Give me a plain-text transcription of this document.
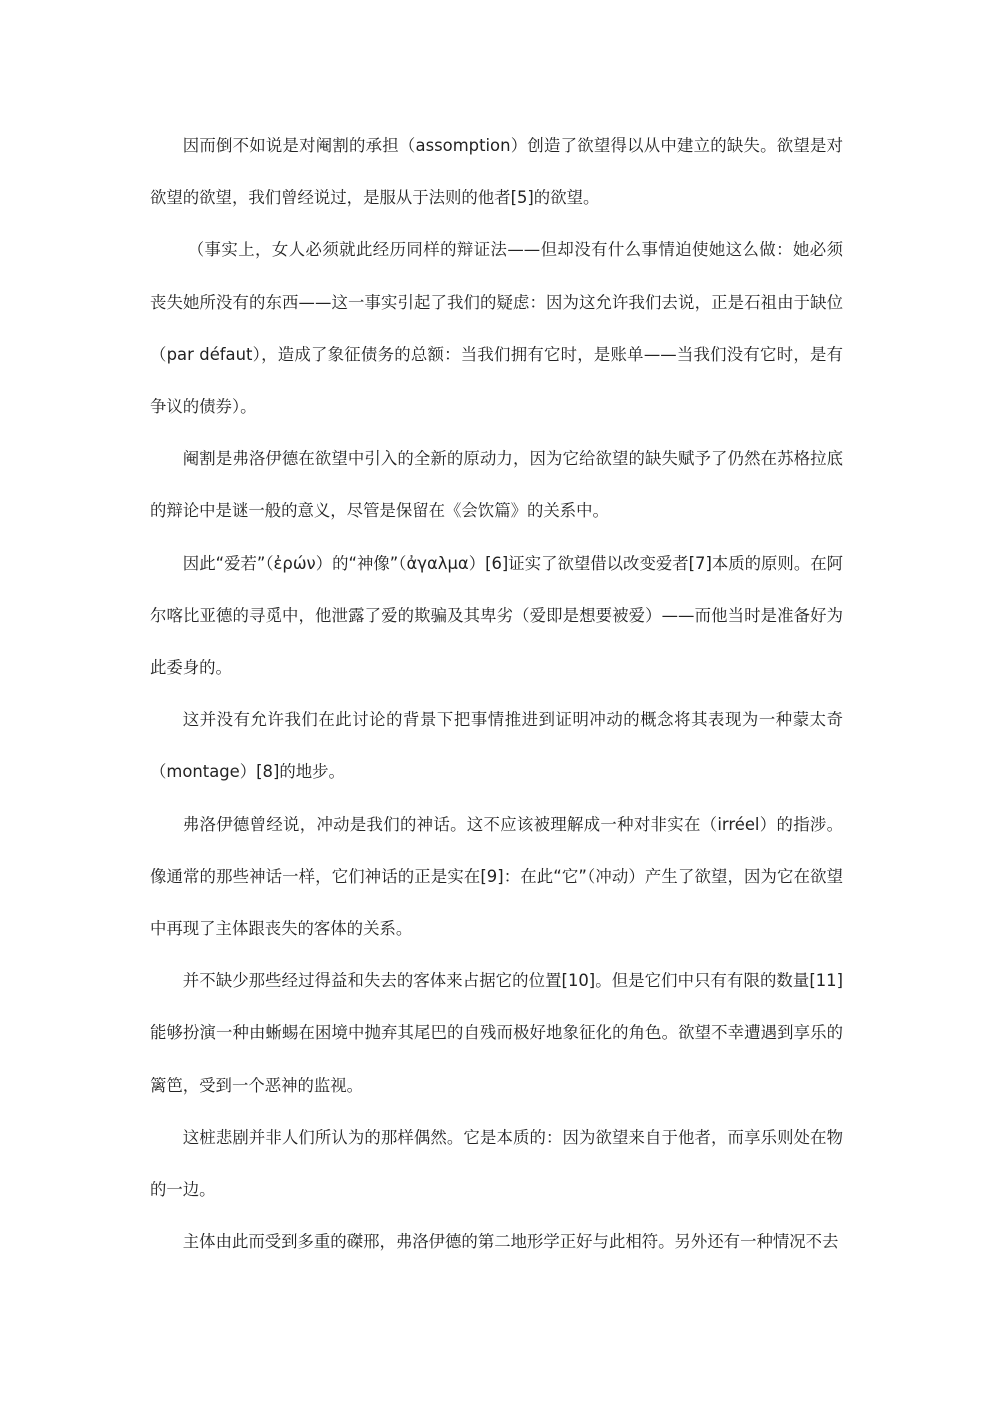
因而倒不如说是对阉割的承担（assomption）创造了欲望得以从中建立的缺失。欲望是对欲望的欲望，我们曾经说过，是服从于法则的他者[5]的欲望。

（事实上，女人必须就此经历同样的辩证法——但却没有什么事情迫使她这么做：她必须丧失她所没有的东西——这一事实引起了我们的疑虑：因为这允许我们去说，正是石祖由于缺位（par défaut），造成了象征债务的总额：当我们拥有它时，是账单——当我们没有它时，是有争议的债券）。

阉割是弗洛伊德在欲望中引入的全新的原动力，因为它给欲望的缺失赋予了仍然在苏格拉底的辩论中是谜一般的意义，尽管是保留在《会饮篇》的关系中。

因此“爱若”（ἐρών）的“神像”（ἀγαλμα）[6]证实了欲望借以改变爱者[7]本质的原则。在阿尔喀比亚德的寻觅中，他泄露了爱的欺骗及其卑劣（爱即是想要被爱）——而他当时是准备好为此委身的。

这并没有允许我们在此讨论的背景下把事情推进到证明冲动的概念将其表现为一种蒙太奇（montage）[8]的地步。

弗洛伊德曾经说，冲动是我们的神话。这不应该被理解成一种对非实在（irréel）的指涉。像通常的那些神话一样，它们神话的正是实在[9]：在此“它”（冲动）产生了欲望，因为它在欲望中再现了主体跟丧失的客体的关系。

并不缺少那些经过得益和失去的客体来占据它的位置[10]。但是它们中只有有限的数量[11]能够扮演一种由蜥蜴在困境中抛弃其尾巴的自残而极好地象征化的角色。欲望不幸遭遇到享乐的篱笆，受到一个恶神的监视。

这桩悲剧并非人们所认为的那样偶然。它是本质的：因为欲望来自于他者，而享乐则处在物的一边。

主体由此而受到多重的磔邢，弗洛伊德的第二地形学正好与此相符。另外还有一种情况不去
